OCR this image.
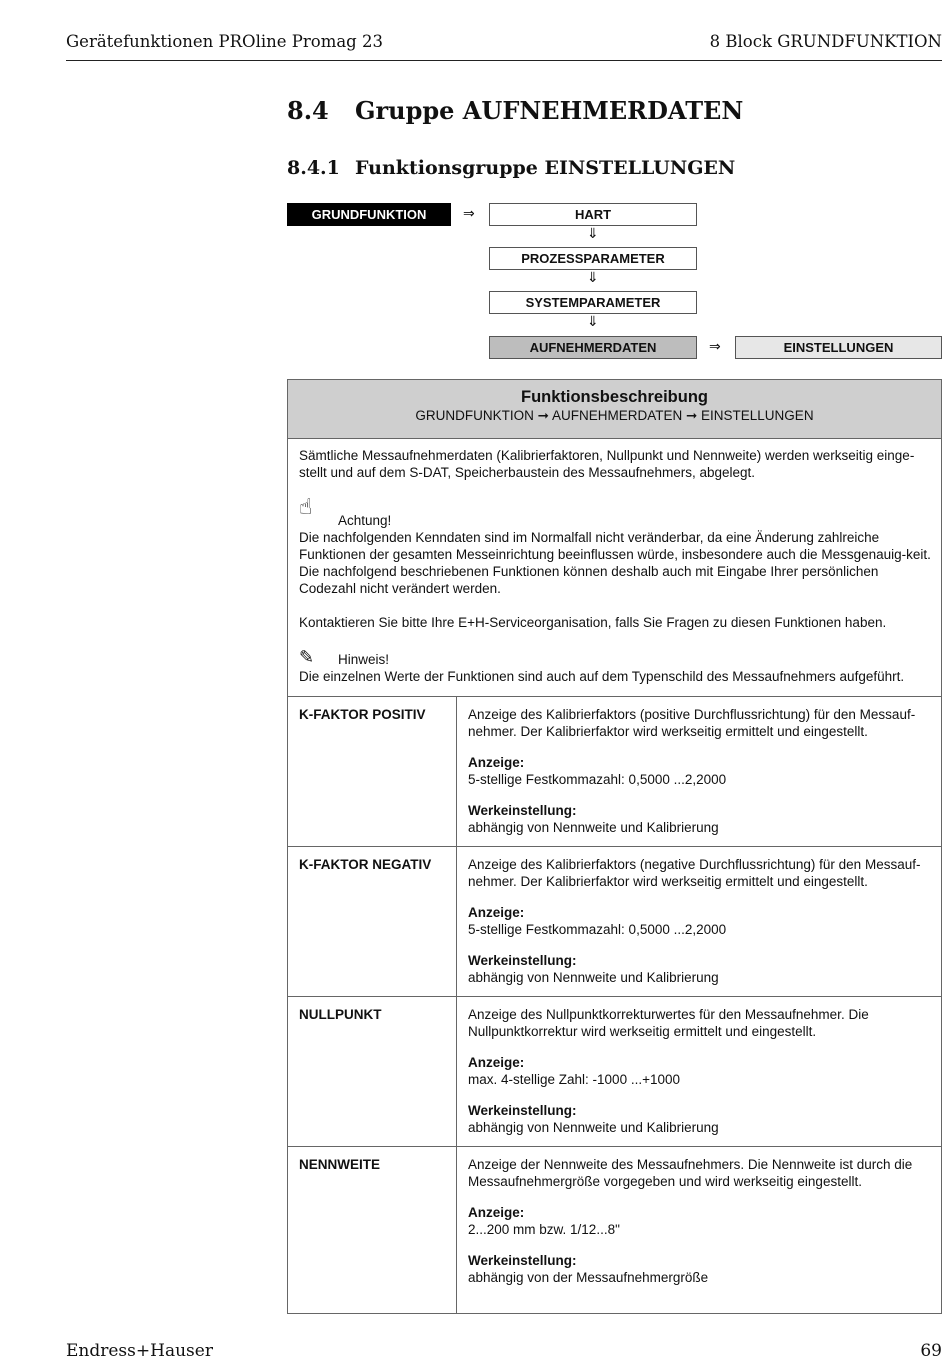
Gerätefunktionen PROline Promag 23	8 Block GRUNDFUNKTION
8.4 Gruppe AUFNEHMERDATEN
8.4.1 Funktionsgruppe EINSTELLUNGEN
GRUNDFUNKTION	⇒	HART
⇓
PROZESSPARAMETER
⇓
SYSTEMPARAMETER
⇓
AUFNEHMERDATEN	⇒	EINSTELLUNGEN
Funktionsbeschreibung
GRUNDFUNKTION ➞ AUFNEHMERDATEN ➞ EINSTELLUNGEN
Sämtliche Messaufnehmerdaten (Kalibrierfaktoren, Nullpunkt und Nennweite) werden werkseitig einge-stellt und auf dem S-DAT, Speicherbaustein des Messaufnehmers, abgelegt.
☝
Achtung!
Die nachfolgenden Kenndaten sind im Normalfall nicht veränderbar, da eine Änderung zahlreiche Funktionen der gesamten Messeinrichtung beeinflussen würde, insbesondere auch die Messgenauig-keit. Die nachfolgend beschriebenen Funktionen können deshalb auch mit Eingabe Ihrer persönlichen Codezahl nicht verändert werden.
Kontaktieren Sie bitte Ihre E+H-Serviceorganisation, falls Sie Fragen zu diesen Funktionen haben.
✎ Hinweis!
Die einzelnen Werte der Funktionen sind auch auf dem Typenschild des Messaufnehmers aufgeführt.
K-FAKTOR POSITIV	Anzeige des Kalibrierfaktors (positive Durchflussrichtung) für den Messauf-nehmer. Der Kalibrierfaktor wird werkseitig ermittelt und eingestellt.
Anzeige:
5-stellige Festkommazahl: 0,5000 ...2,2000
Werkeinstellung:
abhängig von Nennweite und Kalibrierung
K-FAKTOR NEGATIV	Anzeige des Kalibrierfaktors (negative Durchflussrichtung) für den Messauf-nehmer. Der Kalibrierfaktor wird werkseitig ermittelt und eingestellt.
Anzeige:
5-stellige Festkommazahl: 0,5000 ...2,2000
Werkeinstellung:
abhängig von Nennweite und Kalibrierung
NULLPUNKT	Anzeige des Nullpunktkorrekturwertes für den Messaufnehmer. Die Nullpunktkorrektur wird werkseitig ermittelt und eingestellt.
Anzeige:
max. 4-stellige Zahl: -1000 ...+1000
Werkeinstellung:
abhängig von Nennweite und Kalibrierung
NENNWEITE	Anzeige der Nennweite des Messaufnehmers. Die Nennweite ist durch die Messaufnehmergröße vorgegeben und wird werkseitig eingestellt.
Anzeige:
2...200 mm bzw. 1/12...8"
Werkeinstellung:
abhängig von der Messaufnehmergröße
Endress+Hauser	69
